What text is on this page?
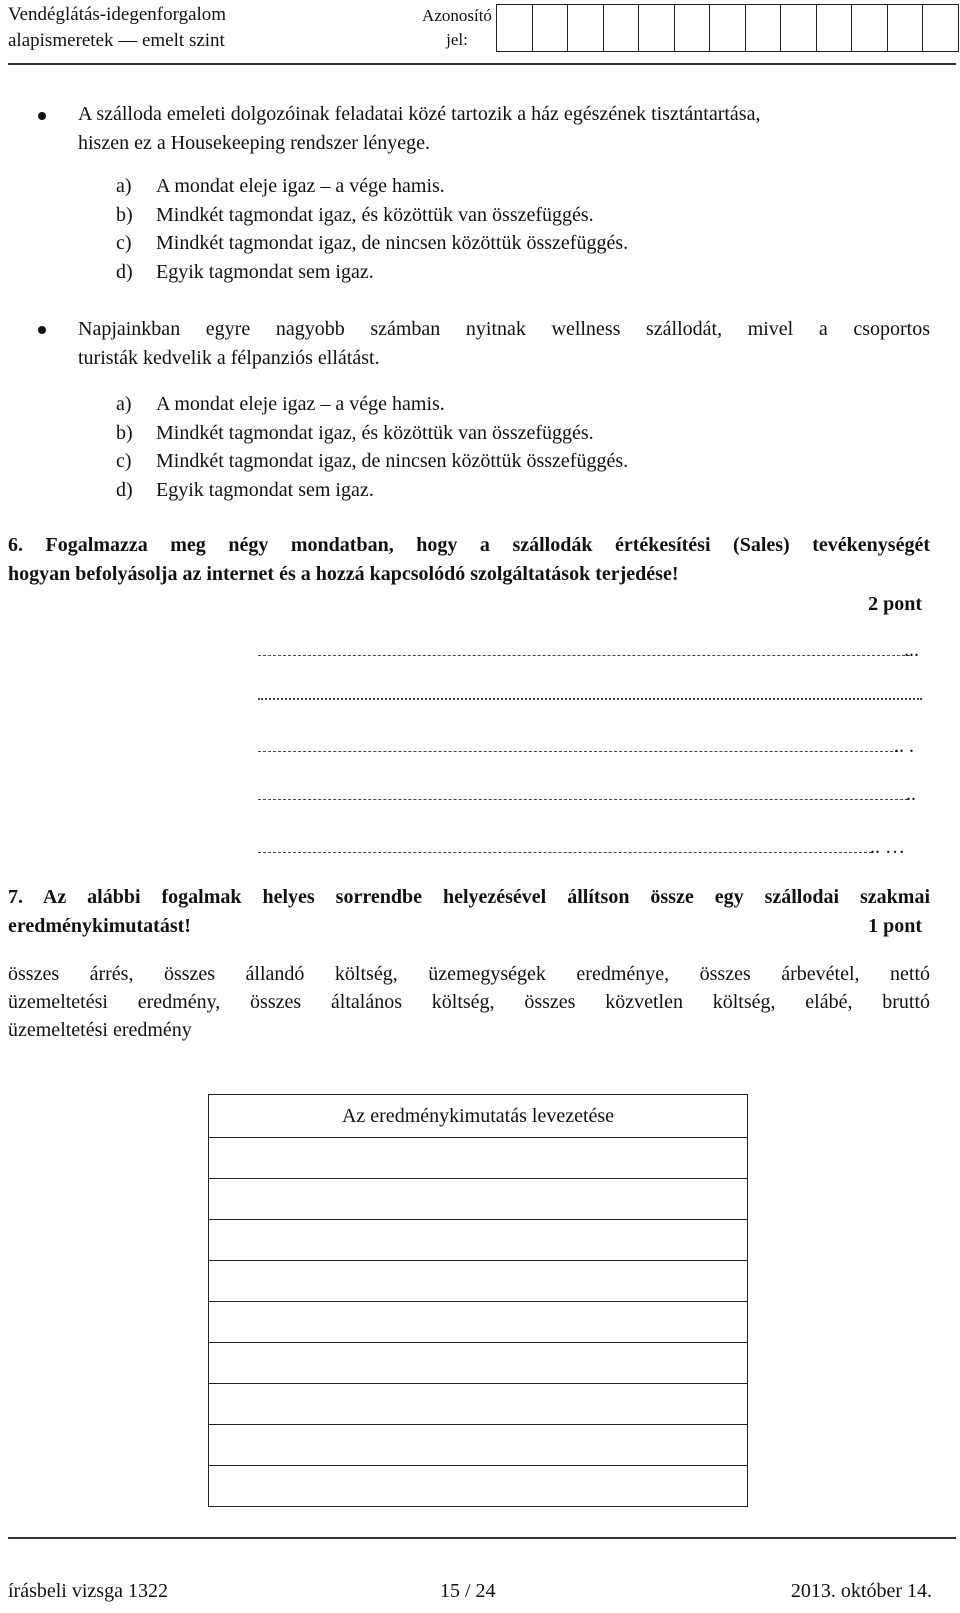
Vendéglátás-idegenforgalom
alapismeretek — emelt szint
Azonosító
jel:
A szálloda emeleti dolgozóinak feladatai közé tartozik a ház egészének tisztántartása,
hiszen ez a Housekeeping rendszer lényege.
a) A mondat eleje igaz – a vége hamis.
b) Mindkét tagmondat igaz, és közöttük van összefüggés.
c) Mindkét tagmondat igaz, de nincsen közöttük összefüggés.
d) Egyik tagmondat sem igaz.
Napjainkban egyre nagyobb számban nyitnak wellness szállodát, mivel a csoportos
turisták kedvelik a félpanziós ellátást.
a) A mondat eleje igaz – a vége hamis.
b) Mindkét tagmondat igaz, és közöttük van összefüggés.
c) Mindkét tagmondat igaz, de nincsen közöttük összefüggés.
d) Egyik tagmondat sem igaz.
6. Fogalmazza meg négy mondatban, hogy a szállodák értékesítési (Sales) tevékenységét
hogyan befolyásolja az internet és a hozzá kapcsolódó szolgáltatások terjedése!
2 pont
...
.. .
..
.. …
7. Az alábbi fogalmak helyes sorrendbe helyezésével állítson össze egy szállodai szakmai
eredménykimutatást!	1 pont
összes árrés, összes állandó költség, üzemegységek eredménye, összes árbevétel, nettó
üzemeltetési eredmény, összes általános költség, összes közvetlen költség, elábé, bruttó
üzemeltetési eredmény
Az eredménykimutatás levezetése
írásbeli vizsga 1322	15 / 24	2013. október 14.
